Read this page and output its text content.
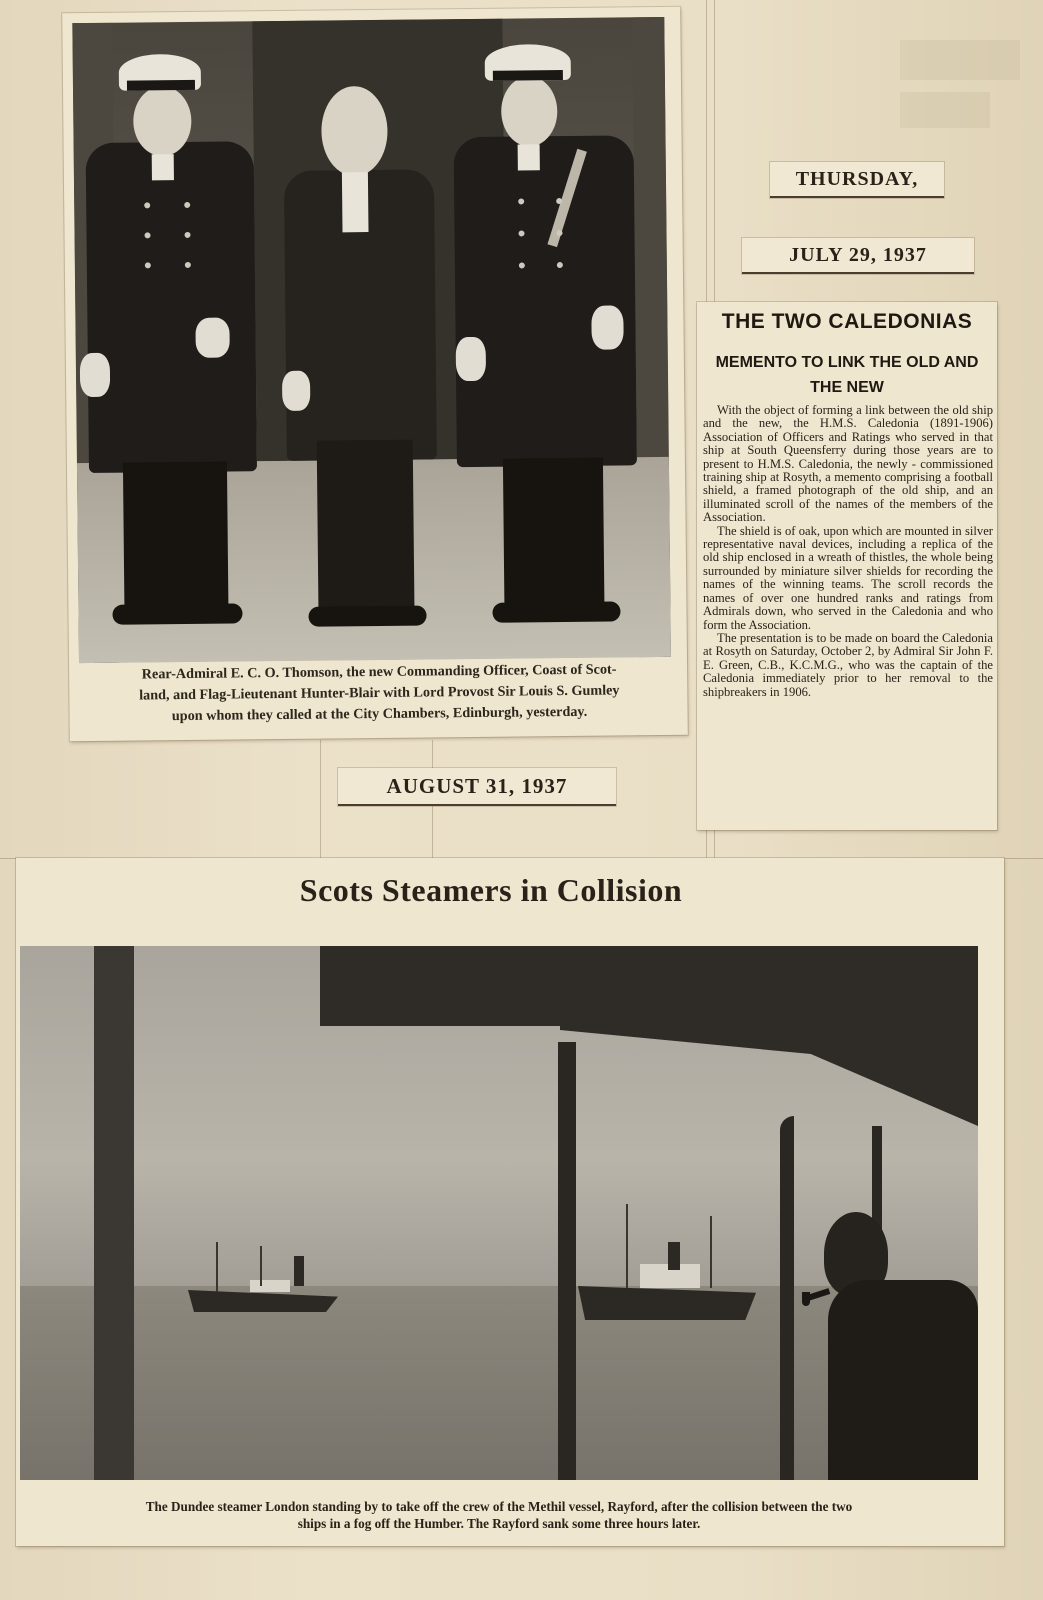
Rear-Admiral E. C. O. Thomson, the new Commanding Officer, Coast of Scot-
land, and Flag-Lieutenant Hunter-Blair with Lord Provost Sir Louis S. Gumley
upon whom they called at the City Chambers, Edinburgh, yesterday.
THURSDAY,
JULY 29, 1937
AUGUST 31, 1937
THE TWO CALEDONIAS
MEMENTO TO LINK THE OLD AND THE NEW

With the object of forming a link between the old ship and the new, the H.M.S. Caledonia (1891-1906) Association of Officers and Ratings who served in that ship at South Queensferry during those years are to present to H.M.S. Caledonia, the newly - commissioned training ship at Rosyth, a memento comprising a football shield, a framed photograph of the old ship, and an illuminated scroll of the names of the members of the Association.

The shield is of oak, upon which are mounted in silver representative naval devices, including a replica of the old ship enclosed in a wreath of thistles, the whole being surrounded by miniature silver shields for recording the names of the winning teams. The scroll records the names of over one hundred ranks and ratings from Admirals down, who served in the Caledonia and who form the Association.

The presentation is to be made on board the Caledonia at Rosyth on Saturday, October 2, by Admiral Sir John F. E. Green, C.B., K.C.M.G., who was the captain of the Caledonia immediately prior to her removal to the shipbreakers in 1906.

Scots Steamers in Collision
The Dundee steamer London standing by to take off the crew of the Methil vessel, Rayford, after the collision between the two
ships in a fog off the Humber. The Rayford sank some three hours later.
